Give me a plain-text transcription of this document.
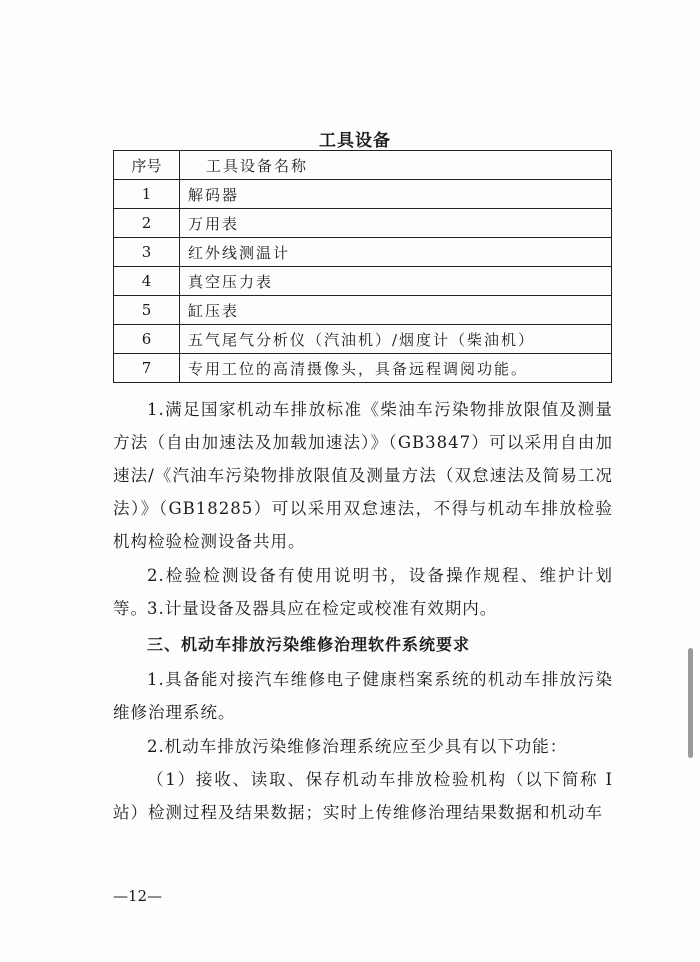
工具设备
序号	工具设备名称
1	解码器
2	万用表
3	红外线测温计
4	真空压力表
5	缸压表
6	五气尾气分析仪（汽油机）/烟度计（柴油机）
7	专用工位的高清摄像头，具备远程调阅功能。

1.满足国家机动车排放标准《柴油车污染物排放限值及测量方法（自由加速法及加载加速法）》（GB3847）可以采用自由加速法/《汽油车污染物排放限值及测量方法（双怠速法及简易工况法）》（GB18285）可以采用双怠速法，不得与机动车排放检验机构检验检测设备共用。

2.检验检测设备有使用说明书，设备操作规程、维护计划等。 3.计量设备及器具应在检定或校准有效期内。

三、机动车排放污染维修治理软件系统要求

1.具备能对接汽车维修电子健康档案系统的机动车排放污染维修治理系统。

2.机动车排放污染维修治理系统应至少具有以下功能：

（1）接收、读取、保存机动车排放检验机构（以下简称 I 站）检测过程及结果数据；实时上传维修治理结果数据和机动车

—12—
